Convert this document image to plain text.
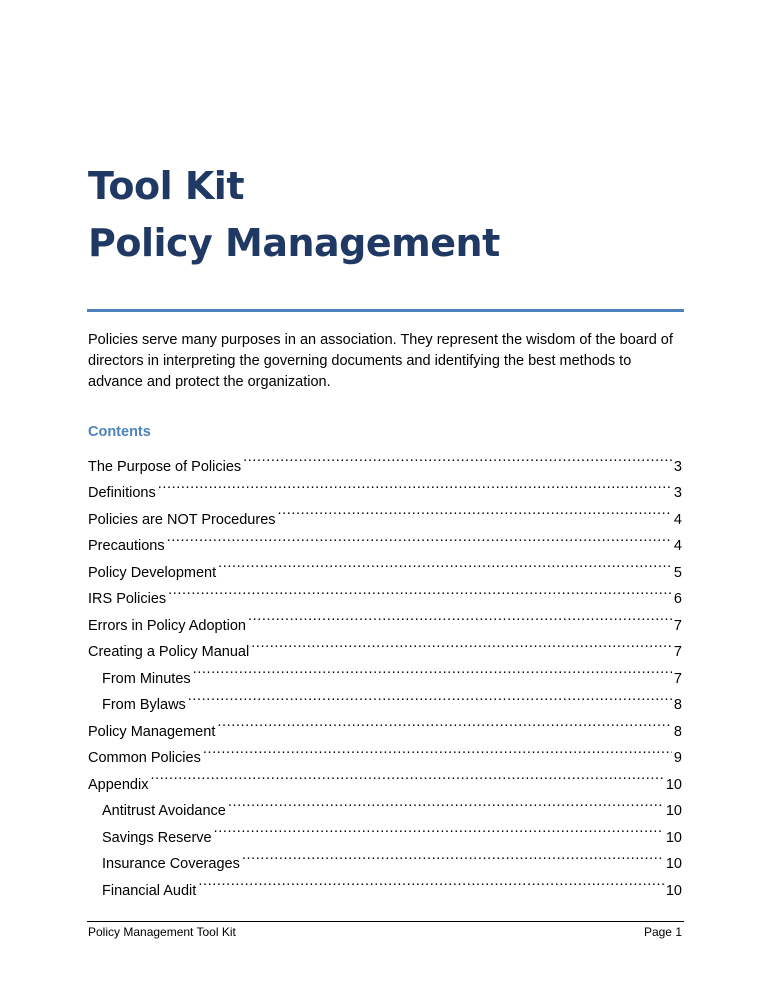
Tool Kit
Policy Management
Policies serve many purposes in an association. They represent the wisdom of the board of directors in interpreting the governing documents and identifying the best methods to advance and protect the organization.
Contents
The Purpose of Policies .....	3
Definitions .....	3
Policies are NOT Procedures .....	4
Precautions .....	4
Policy Development .....	5
IRS Policies .....	6
Errors in Policy Adoption .....	7
Creating a Policy Manual .....	7
From Minutes .....	7
From Bylaws .....	8
Policy Management .....	8
Common Policies .....	9
Appendix .....	10
Antitrust Avoidance .....	10
Savings Reserve .....	10
Insurance Coverages .....	10
Financial Audit .....	10
Policy Management Tool Kit	Page 1
